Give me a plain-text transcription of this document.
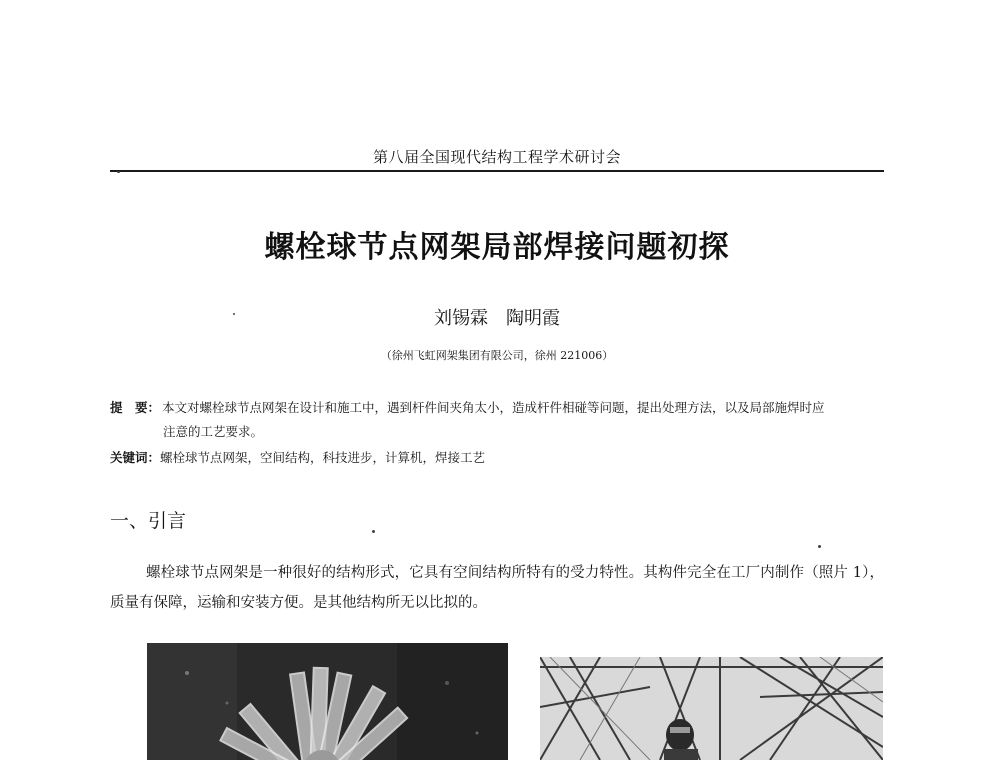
第八届全国现代结构工程学术研讨会
螺栓球节点网架局部焊接问题初探
刘锡霖　陶明霞
（徐州飞虹网架集团有限公司，徐州 221006）
提　要： 本文对螺栓球节点网架在设计和施工中，遇到杆件间夹角太小，造成杆件相碰等问题，提出处理方法，以及局部施焊时应
注意的工艺要求。
关键词：螺栓球节点网架，空间结构，科技进步，计算机，焊接工艺
一、引言
螺栓球节点网架是一种很好的结构形式，它具有空间结构所特有的受力特性。其构件完全在工厂内制作（照片 1），质量有保障，运输和安装方便。是其他结构所无以比拟的。
